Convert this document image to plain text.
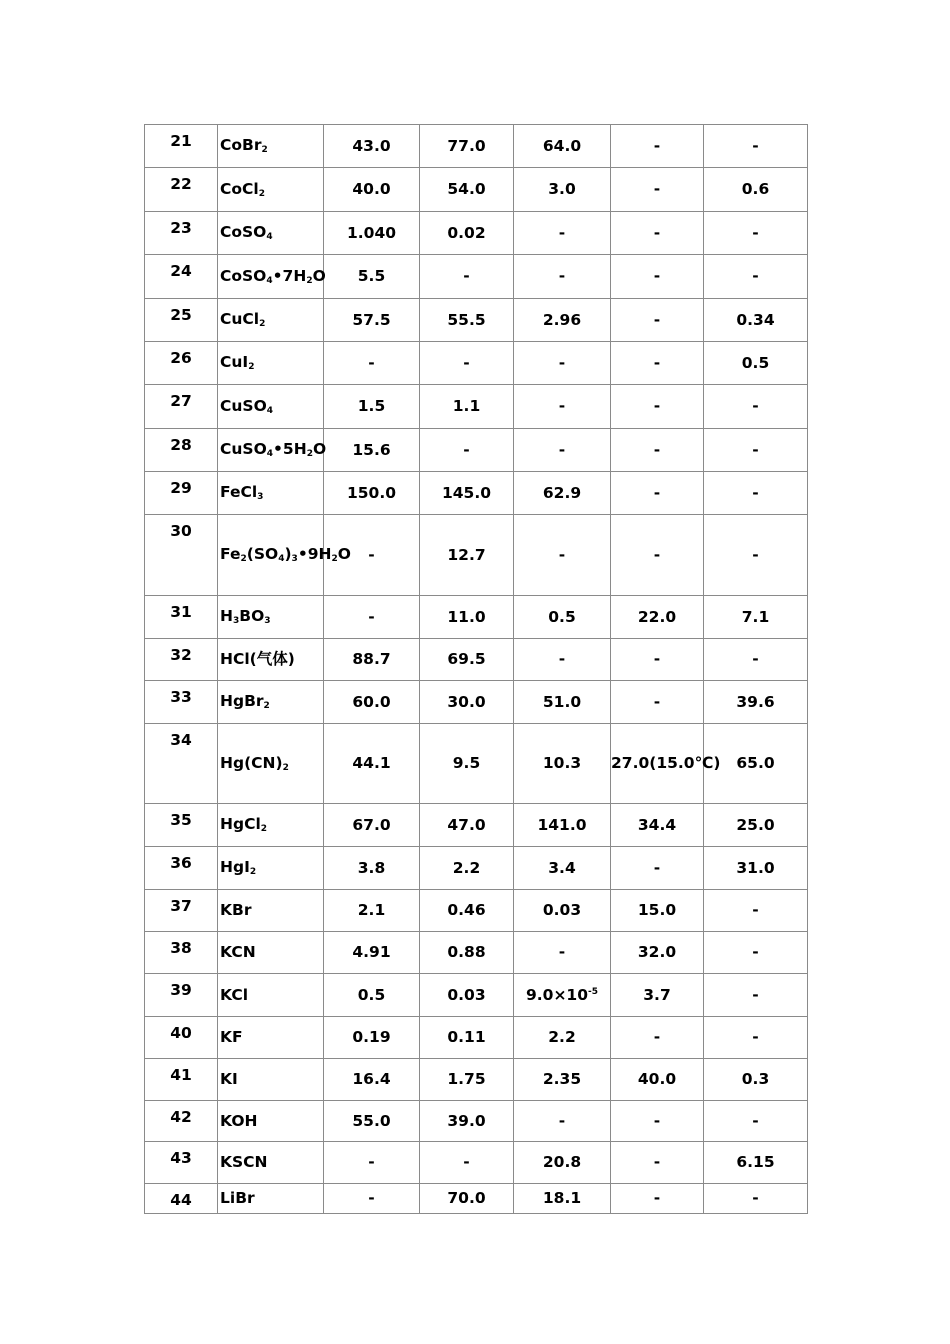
21	CoBr$_2$	43.0	77.0	64.0	-	-
22	CoCl$_2$	40.0	54.0	3.0	-	0.6
23	CoSO$_4$	1.040	0.02	-	-	-
24	$CoSO_4•7H_2O$	5.5	-	-	-	-
25	CuCl$_2$	57.5	55.5	2.96	-	0.34
26	CuI$_2$	-	-	-	-	0.5
27	CuSO$_4$	1.5	1.1	-	-	-
28	$CuSO_4•5H_2O$	15.6	-	-	-	-
29	FeCl$_3$	150.0	145.0	62.9	-	-
30	$Fe_2(SO_4)_3•9H_2O$	-	12.7	-	-	-
31	$H_3BO_3$	-	11.0	0.5	22.0	7.1
32	HCl(气体)	88.7	69.5	-	-	-
33	HgBr$_2$	60.0	30.0	51.0	-	39.6
34	$Hg(CN)_2$	44.1	9.5	10.3	27.0(15.0℃)	65.0
35	HgCl$_2$	67.0	47.0	141.0	34.4	25.0
36	HgI$_2$	3.8	2.2	3.4	-	31.0
37	KBr	2.1	0.46	0.03	15.0	-
38	KCN	4.91	0.88	-	32.0	-
39	KCl	0.5	0.03	$9.0\times 10^{-5}$	3.7	-
40	KF	0.19	0.11	2.2	-	-
41	KI	16.4	1.75	2.35	40.0	0.3
42	KOH	55.0	39.0	-	-	-
43	KSCN	-	-	20.8	-	6.15
44	LiBr	-	70.0	18.1	-	-
